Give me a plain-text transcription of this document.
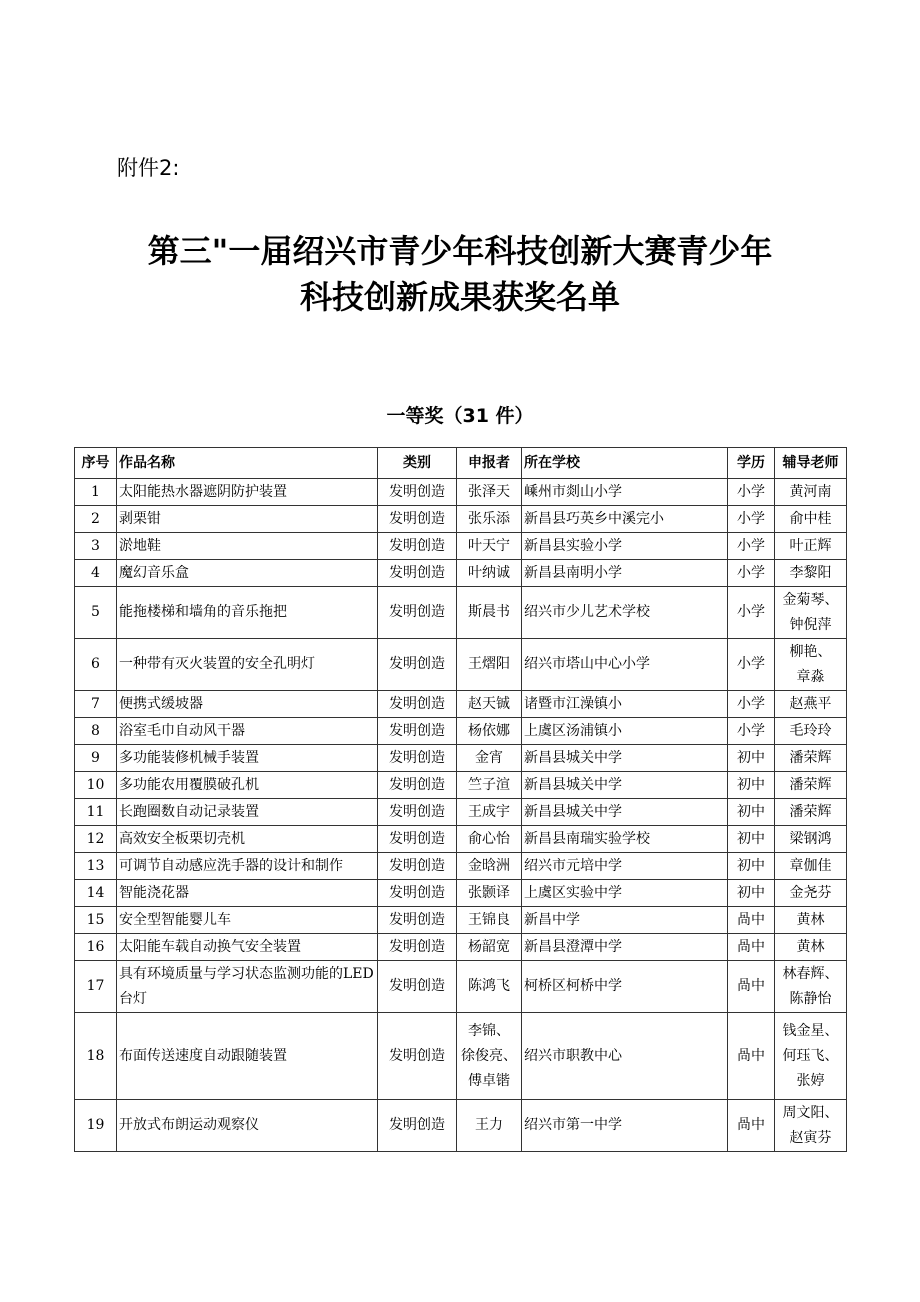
附件2:
第三"一届绍兴市青少年科技创新大赛青少年
科技创新成果获奖名单
一等奖（31 件）
序号	作品名称	类别	申报者	所在学校	学历	辅导老师
1	太阳能热水器遮阴防护装置	发明创造	张泽天	嵊州市剡山小学	小学	黄河南

2	剥栗钳	发明创造	张乐添	新昌县巧英乡中溪完小	小学	俞中桂

3	淤地鞋	发明创造	叶天宁	新昌县实验小学	小学	叶正辉

4	魔幻音乐盒	发明创造	叶纳诚	新昌县南明小学	小学	李黎阳

5	能拖楼梯和墙角的音乐拖把	发明创造	斯晨书	绍兴市少儿艺术学校	小学	金菊琴、
钟倪萍

6	一种带有灭火装置的安全孔明灯	发明创造	王熠阳	绍兴市塔山中心小学	小学	柳艳、
章淼

7	便携式缓坡器	发明创造	赵天铖	诸暨市江澡镇小	小学	赵燕平

8	浴室毛巾自动风干器	发明创造	杨依娜	上虞区汤浦镇小	小学	毛玲玲

9	多功能装修机械手装置	发明创造	金宵	新昌县城关中学	初中	潘荣辉

10	多功能农用覆膜破孔机	发明创造	竺子渲	新昌县城关中学	初中	潘荣辉

11	长跑圈数自动记录装置	发明创造	王成宇	新昌县城关中学	初中	潘荣辉

12	高效安全板栗切壳机	发明创造	俞心怡	新昌县南瑞实验学校	初中	梁钢鸿

13	可调节自动感应洗手器的设计和制作	发明创造	金晗洲	绍兴市元培中学	初中	章伽佳

14	智能浇花器	发明创造	张颢译	上虞区实验中学	初中	金尧芬

15	安全型智能婴儿车	发明创造	王锦良	新昌中学	咼中	黄林

16	太阳能车载自动换气安全装置	发明创造	杨韶宽	新昌县澄潭中学	咼中	黄林

17	具有环境质量与学习状态监测功能的LED台灯	发明创造	陈鸿飞	柯桥区柯桥中学	咼中	林春辉、
陈静怡

18	布面传送速度自动跟随装置	发明创造	李锦、
徐俊亮、
傅卓锴	绍兴市职教中心	咼中	钱金星、
何珏飞、
张婷

19	开放式布朗运动观察仪	发明创造	王力	绍兴市第一中学	咼中	周文阳、
赵寅芬
